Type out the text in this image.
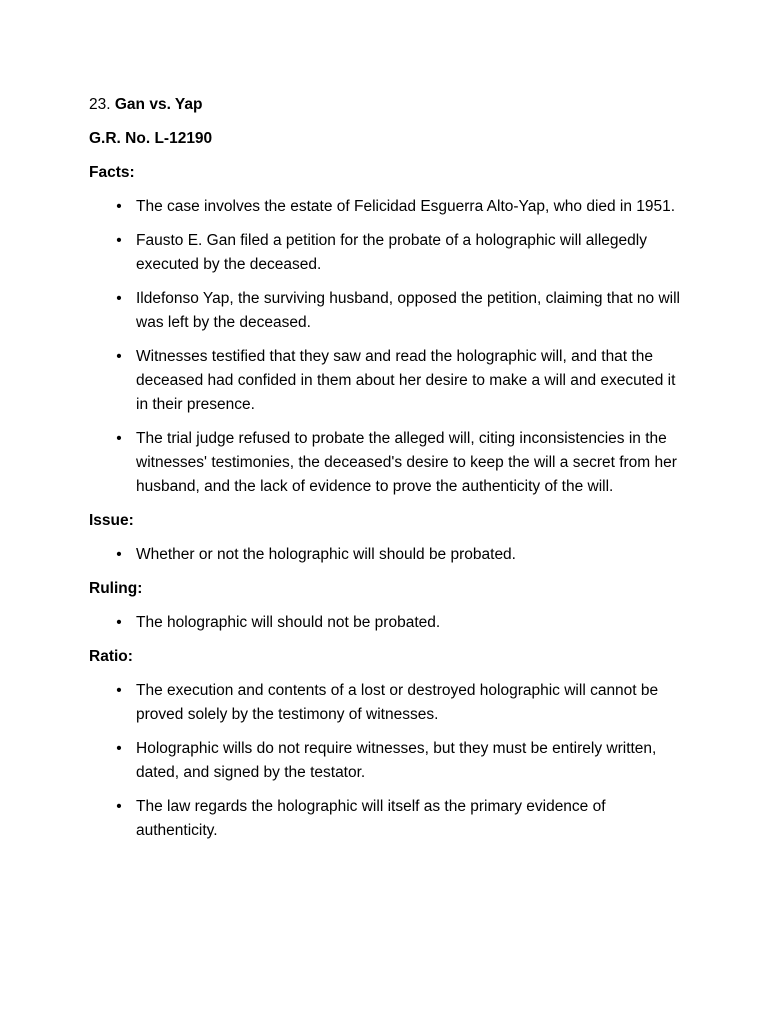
23. Gan vs. Yap

G.R. No. L-12190

Facts:

• The case involves the estate of Felicidad Esguerra Alto-Yap, who died in 1951.
• Fausto E. Gan filed a petition for the probate of a holographic will allegedly executed by the deceased.
• Ildefonso Yap, the surviving husband, opposed the petition, claiming that no will was left by the deceased.
• Witnesses testified that they saw and read the holographic will, and that the deceased had confided in them about her desire to make a will and executed it in their presence.
• The trial judge refused to probate the alleged will, citing inconsistencies in the witnesses' testimonies, the deceased's desire to keep the will a secret from her husband, and the lack of evidence to prove the authenticity of the will.

Issue:

• Whether or not the holographic will should be probated.

Ruling:

• The holographic will should not be probated.

Ratio:

• The execution and contents of a lost or destroyed holographic will cannot be proved solely by the testimony of witnesses.
• Holographic wills do not require witnesses, but they must be entirely written, dated, and signed by the testator.
• The law regards the holographic will itself as the primary evidence of authenticity.
